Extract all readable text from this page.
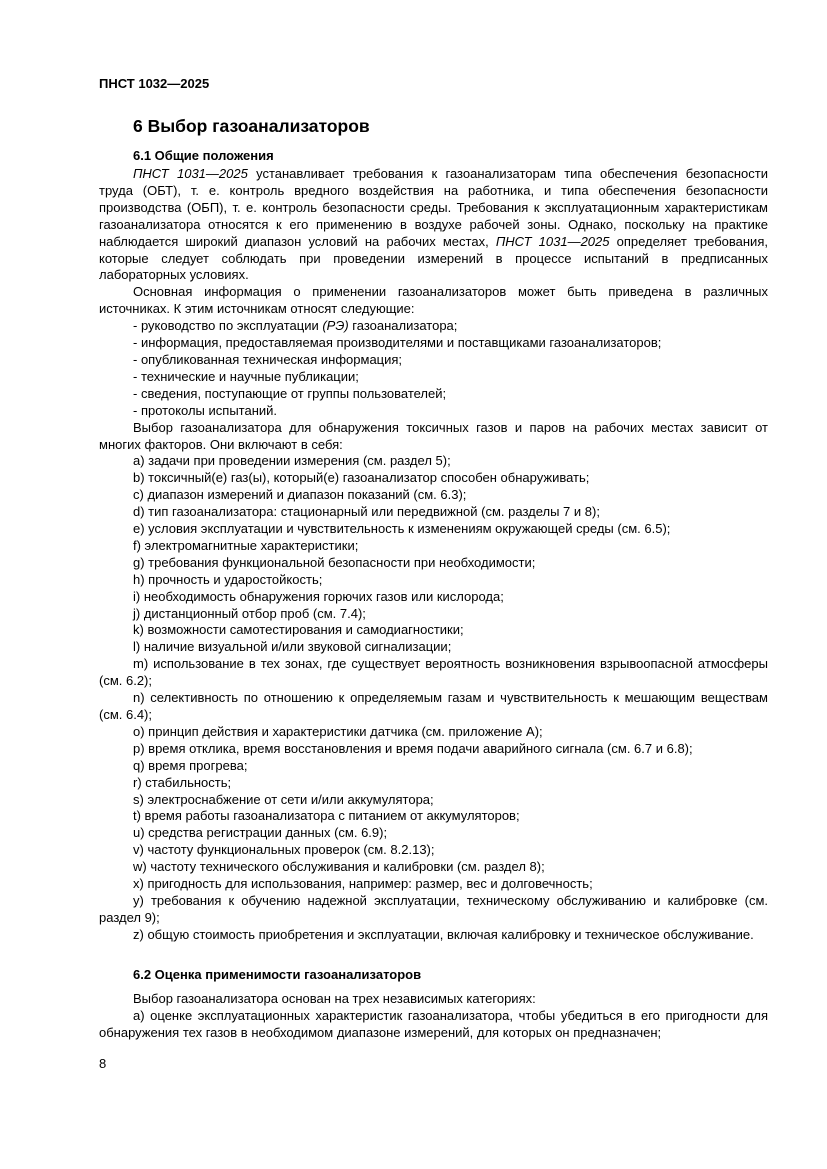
ПНСТ 1032—2025
6 Выбор газоанализаторов
6.1 Общие положения

ПНСТ 1031—2025 устанавливает требования к газоанализаторам типа обеспечения безопасности труда (ОБТ), т. е. контроль вредного воздействия на работника, и типа обеспечения безопасности производства (ОБП), т. е. контроль безопасности среды. Требования к эксплуатационным характеристикам газоанализатора относятся к его применению в воздухе рабочей зоны. Однако, поскольку на практике наблюдается широкий диапазон условий на рабочих местах, ПНСТ 1031—2025 определяет требования, которые следует соблюдать при проведении измерений в процессе испытаний в предписанных лабораторных условиях.

Основная информация о применении газоанализаторов может быть приведена в различных источниках. К этим источникам относят следующие:

- руководство по эксплуатации (РЭ) газоанализатора;

- информация, предоставляемая производителями и поставщиками газоанализаторов;

- опубликованная техническая информация;

- технические и научные публикации;

- сведения, поступающие от группы пользователей;

- протоколы испытаний.

Выбор газоанализатора для обнаружения токсичных газов и паров на рабочих местах зависит от многих факторов. Они включают в себя:

a) задачи при проведении измерения (см. раздел 5);

b) токсичный(е) газ(ы), который(е) газоанализатор способен обнаруживать;

c) диапазон измерений и диапазон показаний (см. 6.3);

d) тип газоанализатора: стационарный или передвижной (см. разделы 7 и 8);

e) условия эксплуатации и чувствительность к изменениям окружающей среды (см. 6.5);

f) электромагнитные характеристики;

g) требования функциональной безопасности при необходимости;

h) прочность и ударостойкость;

i) необходимость обнаружения горючих газов или кислорода;

j) дистанционный отбор проб (см. 7.4);

k) возможности самотестирования и самодиагностики;

l) наличие визуальной и/или звуковой сигнализации;

m) использование в тех зонах, где существует вероятность возникновения взрывоопасной атмосферы (см. 6.2);

n) селективность по отношению к определяемым газам и чувствительность к мешающим веществам (см. 6.4);

o) принцип действия и характеристики датчика (см. приложение А);

p) время отклика, время восстановления и время подачи аварийного сигнала (см. 6.7 и 6.8);

q) время прогрева;

r) стабильность;

s) электроснабжение от сети и/или аккумулятора;

t) время работы газоанализатора с питанием от аккумуляторов;

u) средства регистрации данных (см. 6.9);

v) частоту функциональных проверок (см. 8.2.13);

w) частоту технического обслуживания и калибровки (см. раздел 8);

x) пригодность для использования, например: размер, вес и долговечность;

y) требования к обучению надежной эксплуатации, техническому обслуживанию и калибровке (см. раздел 9);

z) общую стоимость приобретения и эксплуатации, включая калибровку и техническое обслуживание.

6.2 Оценка применимости газоанализаторов

Выбор газоанализатора основан на трех независимых категориях:

a) оценке эксплуатационных характеристик газоанализатора, чтобы убедиться в его пригодности для обнаружения тех газов в необходимом диапазоне измерений, для которых он предназначен;

8
